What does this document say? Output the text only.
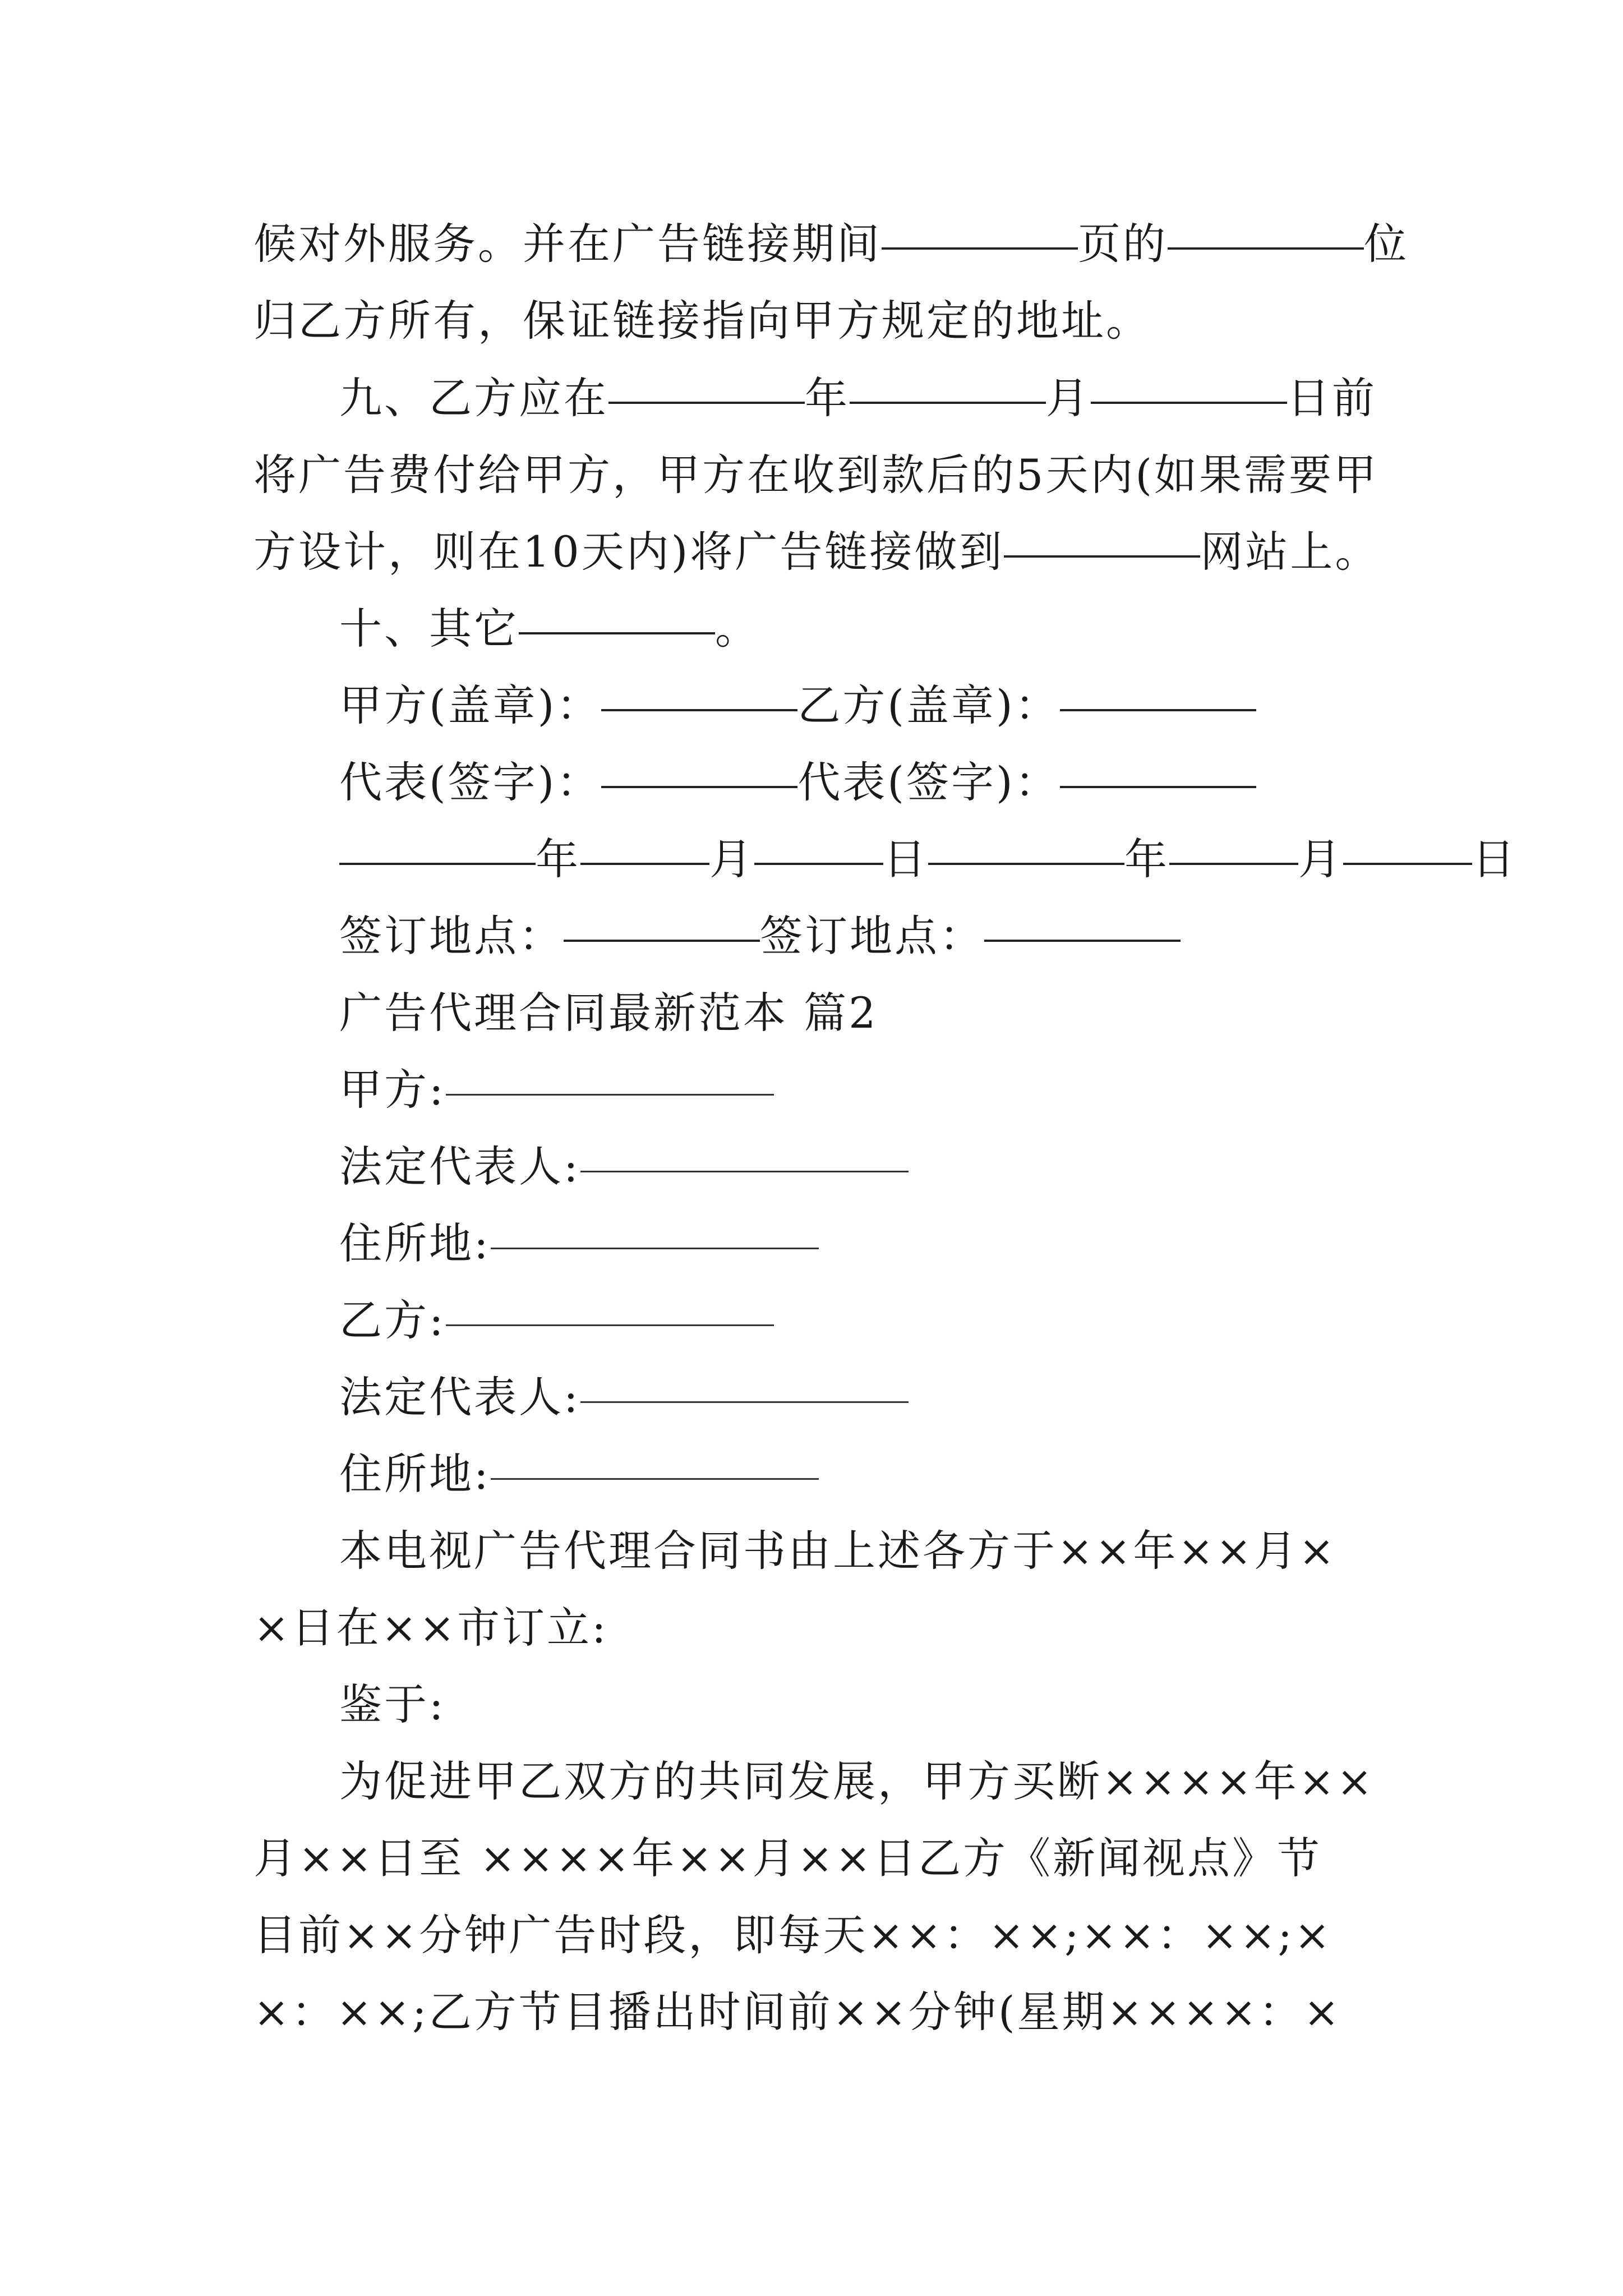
候对外服务。并在广告链接期间	页的	位
归乙方所有，保证链接指向甲方规定的地址。
九、乙方应在	年	月	日前
将广告费付给甲方，甲方在收到款后的5天内(如果需要甲
方设计，则在10天内)将广告链接做到	网站上。
十、其它	。
甲方(盖章)：	乙方(盖章)：
代表(签字)：	代表(签字)：
年	月	日	年	月	日
签订地点：	签订地点：
广告代理合同最新范本 篇2
甲方:
法定代表人:
住所地:
乙方:
法定代表人:
住所地:
本电视广告代理合同书由上述各方于××年××月×
×日在××市订立:
鉴于:
为促进甲乙双方的共同发展，甲方买断××××年××
月××日至 ××××年××月××日乙方《新闻视点》节
目前××分钟广告时段，即每天××：××;××：××;×
×：××;乙方节目播出时间前××分钟(星期××××：×
